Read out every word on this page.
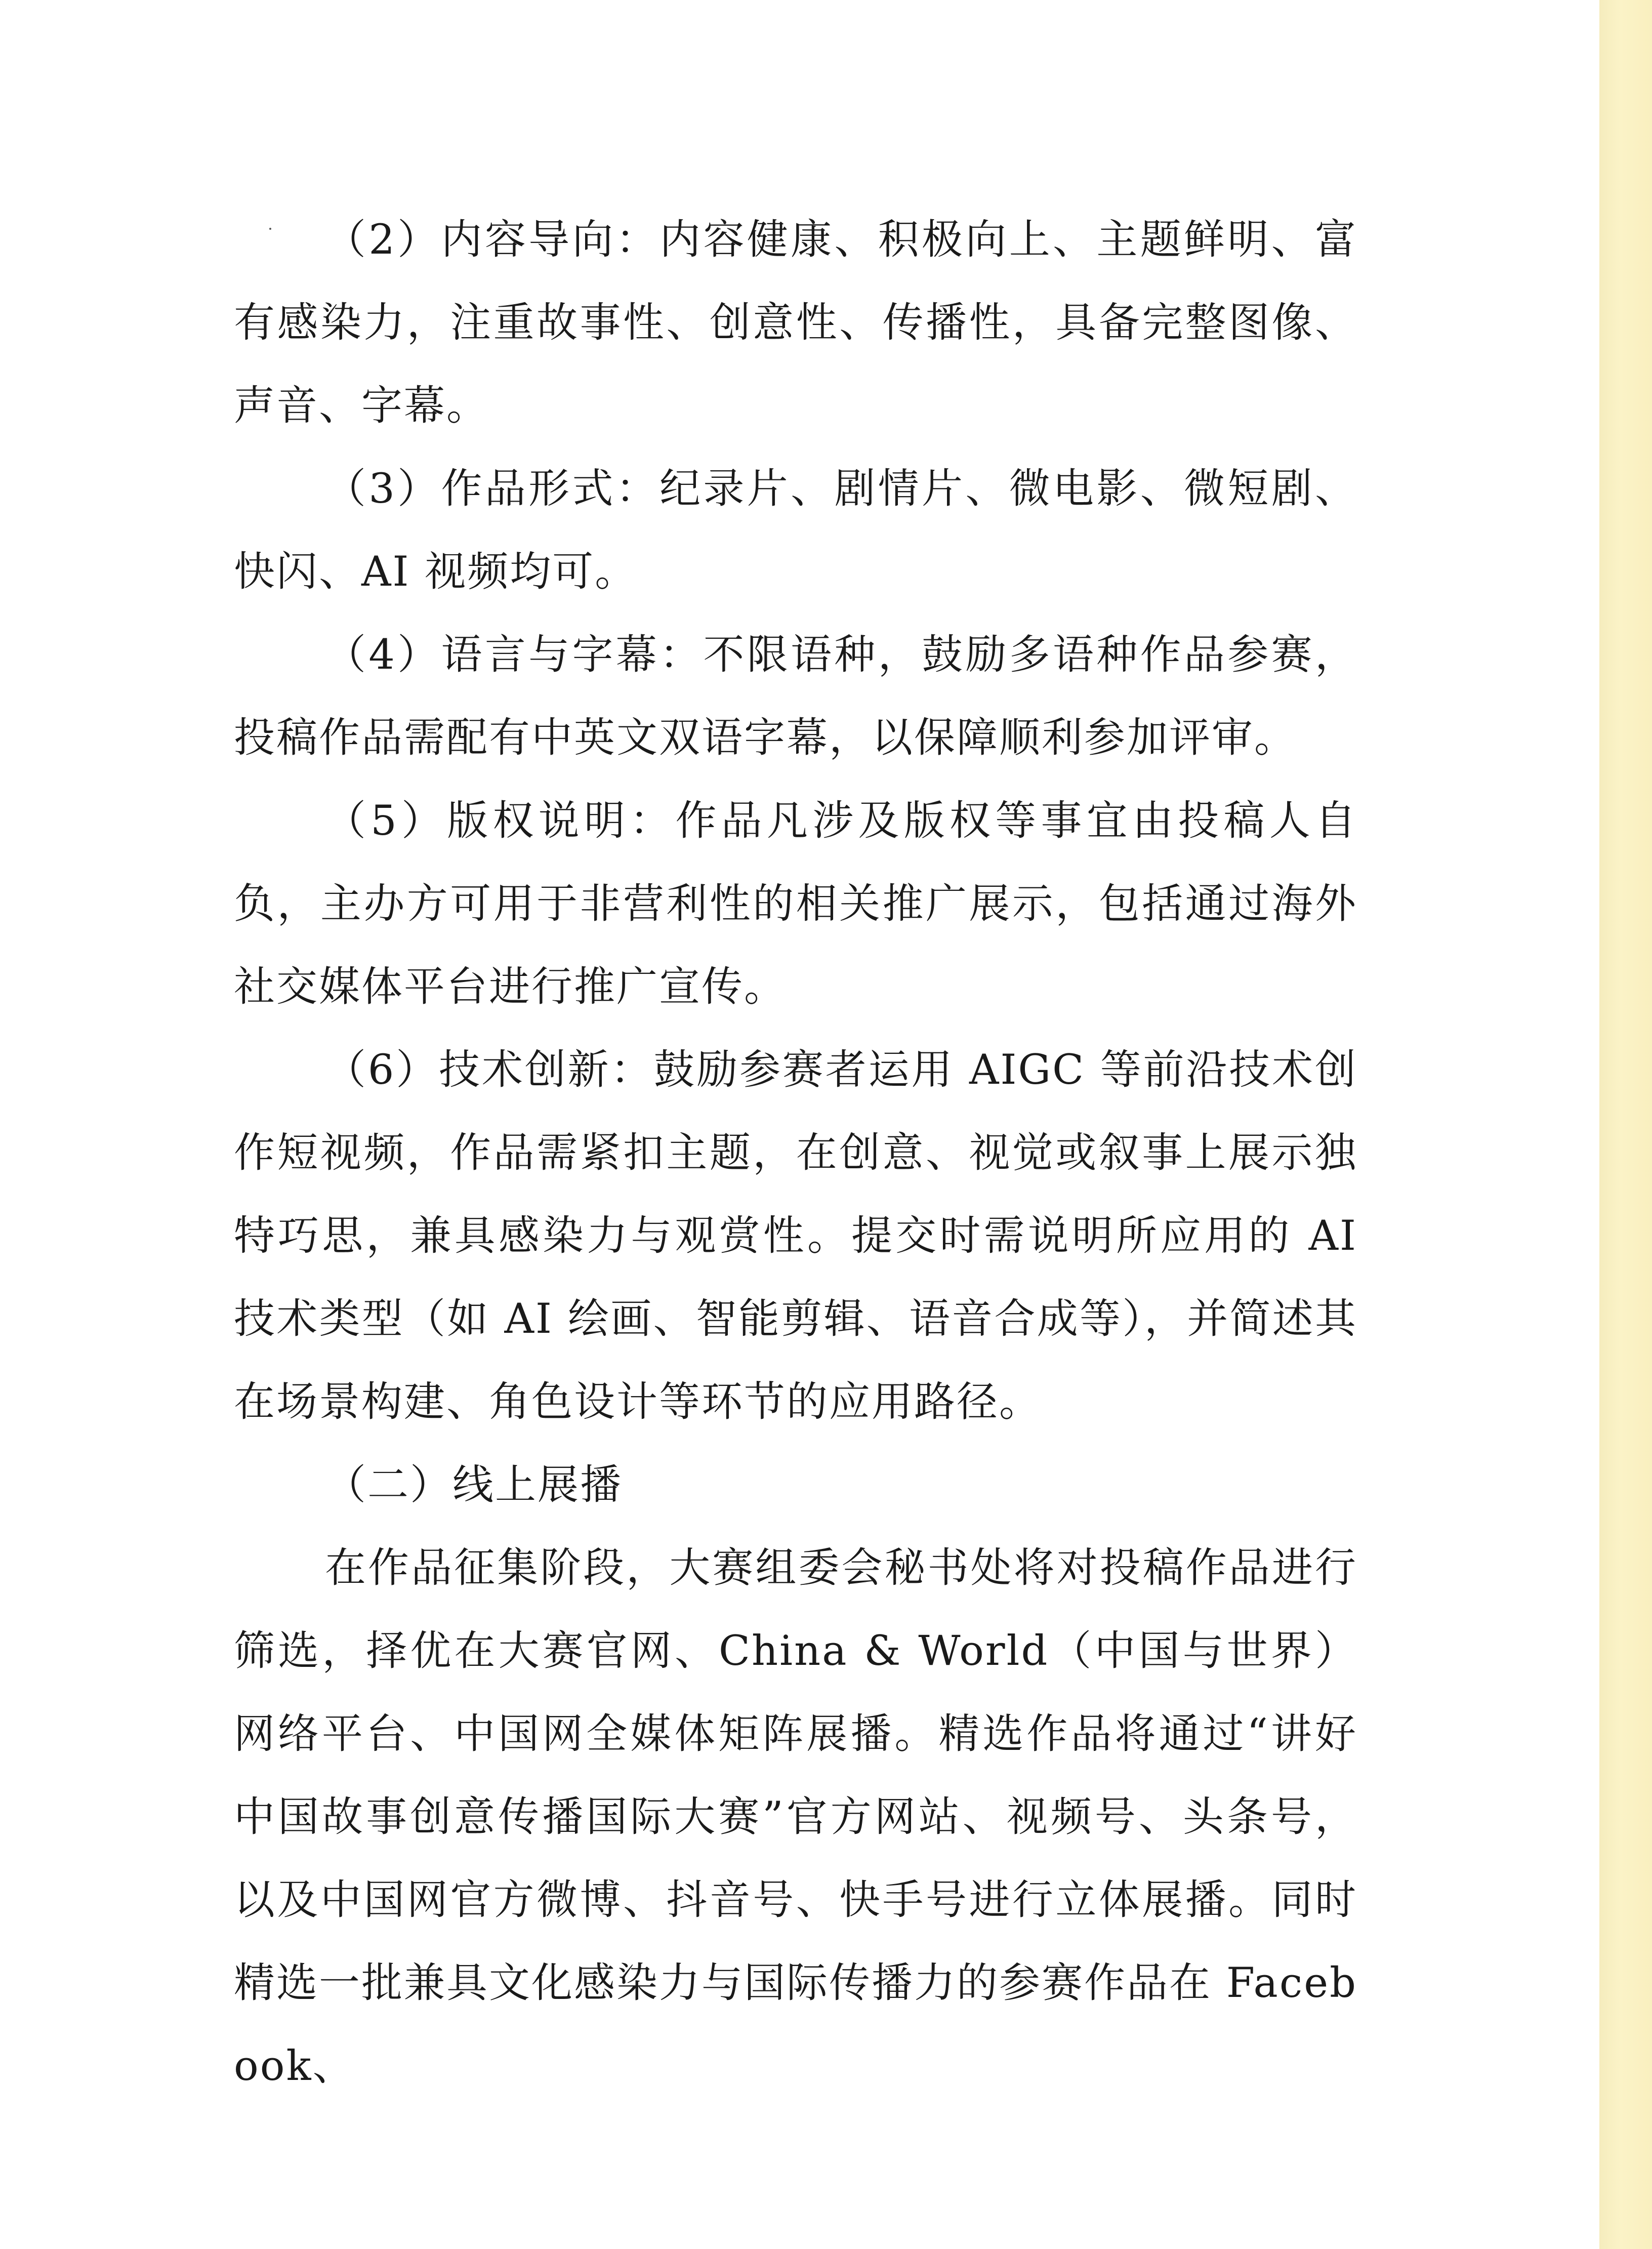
（2）内容导向：内容健康、积极向上、主题鲜明、富有感染力，注重故事性、创意性、传播性，具备完整图像、声音、字幕。

（3）作品形式：纪录片、剧情片、微电影、微短剧、快闪、AI 视频均可。

（4）语言与字幕：不限语种，鼓励多语种作品参赛，投稿作品需配有中英文双语字幕，以保障顺利参加评审。

（5）版权说明：作品凡涉及版权等事宜由投稿人自负，主办方可用于非营利性的相关推广展示，包括通过海外社交媒体平台进行推广宣传。

（6）技术创新：鼓励参赛者运用 AIGC 等前沿技术创作短视频，作品需紧扣主题，在创意、视觉或叙事上展示独特巧思，兼具感染力与观赏性。提交时需说明所应用的 AI 技术类型（如 AI 绘画、智能剪辑、语音合成等），并简述其在场景构建、角色设计等环节的应用路径。

（二）线上展播

在作品征集阶段，大赛组委会秘书处将对投稿作品进行筛选，择优在大赛官网、China & World（中国与世界）网络平台、中国网全媒体矩阵展播。精选作品将通过“讲好中国故事创意传播国际大赛”官方网站、视频号、头条号，以及中国网官方微博、抖音号、快手号进行立体展播。同时精选一批兼具文化感染力与国际传播力的参赛作品在 Facebook、
